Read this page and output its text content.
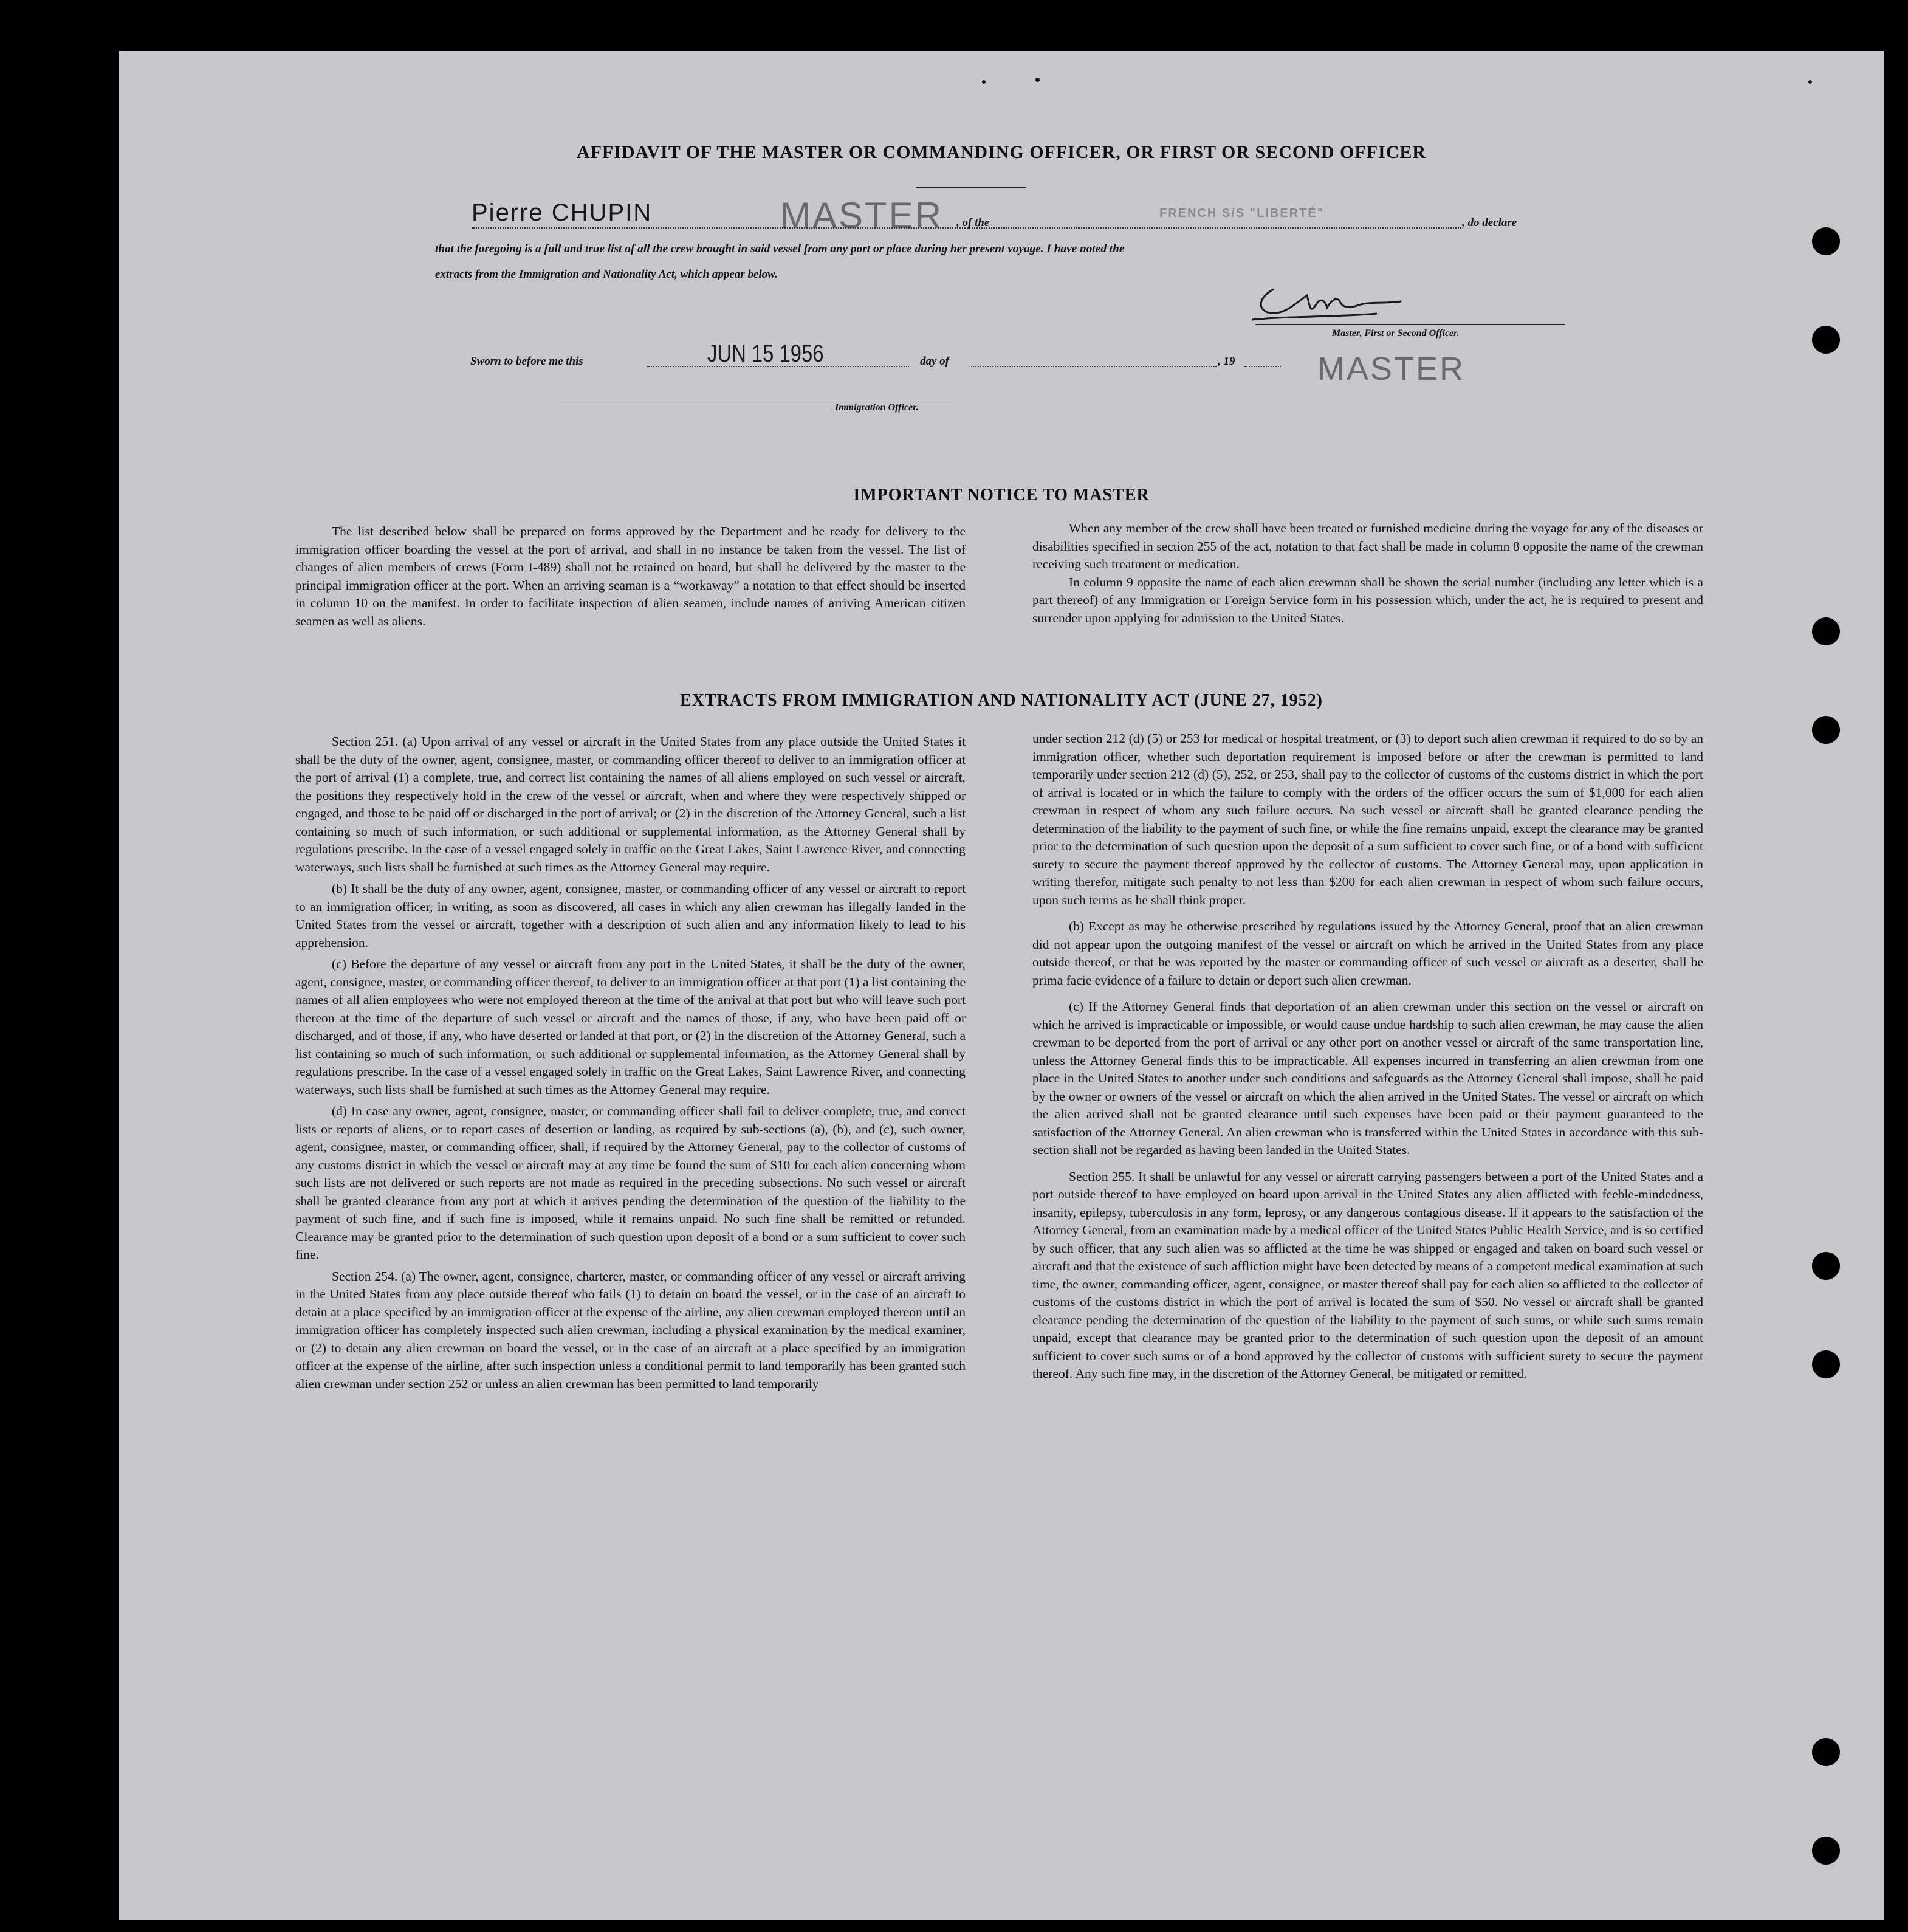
AFFIDAVIT OF THE MASTER OR COMMANDING OFFICER, OR FIRST OR SECOND OFFICER
Pierre CHUPIN	MASTER , of the
FRENCH S/S "LIBERTÉ"
, do declare
that the foregoing is a full and true list of all the crew brought in said vessel from any port or place during her present voyage. I have noted the
extracts from the Immigration and Nationality Act, which appear below.
Master, First or Second Officer.
Sworn to before me this	JUN 15 1956	day of	, 19	MASTER
Immigration Officer.
IMPORTANT NOTICE TO MASTER

The list described below shall be prepared on forms approved by the Department and be ready for delivery to the immigration officer boarding the vessel at the port of arrival, and shall in no instance be taken from the vessel. The list of changes of alien members of crews (Form I-489) shall not be retained on board, but shall be delivered by the master to the principal immigration officer at the port. When an arriving seaman is a “workaway” a notation to that effect should be inserted in column 10 on the manifest. In order to facilitate inspection of alien seamen, include names of arriving American citizen seamen as well as aliens.

When any member of the crew shall have been treated or furnished medicine during the voyage for any of the diseases or disabilities specified in section 255 of the act, notation to that fact shall be made in column 8 opposite the name of the crewman receiving such treatment or medication.

In column 9 opposite the name of each alien crewman shall be shown the serial number (including any letter which is a part thereof) of any Immigration or Foreign Service form in his possession which, under the act, he is required to present and surrender upon applying for admission to the United States.

EXTRACTS FROM IMMIGRATION AND NATIONALITY ACT (JUNE 27, 1952)

Section 251. (a) Upon arrival of any vessel or aircraft in the United States from any place outside the United States it shall be the duty of the owner, agent, consignee, master, or commanding officer thereof to deliver to an immigration officer at the port of arrival (1) a complete, true, and correct list containing the names of all aliens employed on such vessel or aircraft, the positions they respectively hold in the crew of the vessel or aircraft, when and where they were respectively shipped or engaged, and those to be paid off or discharged in the port of arrival; or (2) in the discretion of the Attorney General, such a list containing so much of such information, or such additional or supplemental information, as the Attorney General shall by regulations prescribe. In the case of a vessel engaged solely in traffic on the Great Lakes, Saint Lawrence River, and connecting waterways, such lists shall be furnished at such times as the Attorney General may require.

(b) It shall be the duty of any owner, agent, consignee, master, or commanding officer of any vessel or aircraft to report to an immigration officer, in writing, as soon as discovered, all cases in which any alien crewman has illegally landed in the United States from the vessel or aircraft, together with a description of such alien and any information likely to lead to his apprehension.

(c) Before the departure of any vessel or aircraft from any port in the United States, it shall be the duty of the owner, agent, consignee, master, or commanding officer thereof, to deliver to an immigration officer at that port (1) a list containing the names of all alien employees who were not employed thereon at the time of the arrival at that port but who will leave such port thereon at the time of the departure of such vessel or aircraft and the names of those, if any, who have been paid off or discharged, and of those, if any, who have deserted or landed at that port, or (2) in the discretion of the Attorney General, such a list containing so much of such information, or such additional or supplemental information, as the Attorney General shall by regulations prescribe. In the case of a vessel engaged solely in traffic on the Great Lakes, Saint Lawrence River, and connecting waterways, such lists shall be furnished at such times as the Attorney General may require.

(d) In case any owner, agent, consignee, master, or commanding officer shall fail to deliver complete, true, and correct lists or reports of aliens, or to report cases of desertion or landing, as required by sub-sections (a), (b), and (c), such owner, agent, consignee, master, or commanding officer, shall, if required by the Attorney General, pay to the collector of customs of any customs district in which the vessel or aircraft may at any time be found the sum of $10 for each alien concerning whom such lists are not delivered or such reports are not made as required in the preceding subsections. No such vessel or aircraft shall be granted clearance from any port at which it arrives pending the determination of the question of the liability to the payment of such fine, and if such fine is imposed, while it remains unpaid. No such fine shall be remitted or refunded. Clearance may be granted prior to the determination of such question upon deposit of a bond or a sum sufficient to cover such fine.

Section 254. (a) The owner, agent, consignee, charterer, master, or commanding officer of any vessel or aircraft arriving in the United States from any place outside thereof who fails (1) to detain on board the vessel, or in the case of an aircraft to detain at a place specified by an immigration officer at the expense of the airline, any alien crewman employed thereon until an immigration officer has completely inspected such alien crewman, including a physical examination by the medical examiner, or (2) to detain any alien crewman on board the vessel, or in the case of an aircraft at a place specified by an immigration officer at the expense of the airline, after such inspection unless a conditional permit to land temporarily has been granted such alien crewman under section 252 or unless an alien crewman has been permitted to land temporarily

under section 212 (d) (5) or 253 for medical or hospital treatment, or (3) to deport such alien crewman if required to do so by an immigration officer, whether such deportation requirement is imposed before or after the crewman is permitted to land temporarily under section 212 (d) (5), 252, or 253, shall pay to the collector of customs of the customs district in which the port of arrival is located or in which the failure to comply with the orders of the officer occurs the sum of $1,000 for each alien crewman in respect of whom any such failure occurs. No such vessel or aircraft shall be granted clearance pending the determination of the liability to the payment of such fine, or while the fine remains unpaid, except the clearance may be granted prior to the determination of such question upon the deposit of a sum sufficient to cover such fine, or of a bond with sufficient surety to secure the payment thereof approved by the collector of customs. The Attorney General may, upon application in writing therefor, mitigate such penalty to not less than $200 for each alien crewman in respect of whom such failure occurs, upon such terms as he shall think proper.

(b) Except as may be otherwise prescribed by regulations issued by the Attorney General, proof that an alien crewman did not appear upon the outgoing manifest of the vessel or aircraft on which he arrived in the United States from any place outside thereof, or that he was reported by the master or commanding officer of such vessel or aircraft as a deserter, shall be prima facie evidence of a failure to detain or deport such alien crewman.

(c) If the Attorney General finds that deportation of an alien crewman under this section on the vessel or aircraft on which he arrived is impracticable or impossible, or would cause undue hardship to such alien crewman, he may cause the alien crewman to be deported from the port of arrival or any other port on another vessel or aircraft of the same transportation line, unless the Attorney General finds this to be impracticable. All expenses incurred in transferring an alien crewman from one place in the United States to another under such conditions and safeguards as the Attorney General shall impose, shall be paid by the owner or owners of the vessel or aircraft on which the alien arrived in the United States. The vessel or aircraft on which the alien arrived shall not be granted clearance until such expenses have been paid or their payment guaranteed to the satisfaction of the Attorney General. An alien crewman who is transferred within the United States in accordance with this sub-section shall not be regarded as having been landed in the United States.

Section 255. It shall be unlawful for any vessel or aircraft carrying passengers between a port of the United States and a port outside thereof to have employed on board upon arrival in the United States any alien afflicted with feeble-mindedness, insanity, epilepsy, tuberculosis in any form, leprosy, or any dangerous contagious disease. If it appears to the satisfaction of the Attorney General, from an examination made by a medical officer of the United States Public Health Service, and is so certified by such officer, that any such alien was so afflicted at the time he was shipped or engaged and taken on board such vessel or aircraft and that the existence of such affliction might have been detected by means of a competent medical examination at such time, the owner, commanding officer, agent, consignee, or master thereof shall pay for each alien so afflicted to the collector of customs of the customs district in which the port of arrival is located the sum of $50. No vessel or aircraft shall be granted clearance pending the determination of the question of the liability to the payment of such sums, or while such sums remain unpaid, except that clearance may be granted prior to the determination of such question upon the deposit of an amount sufficient to cover such sums or of a bond approved by the collector of customs with sufficient surety to secure the payment thereof. Any such fine may, in the discretion of the Attorney General, be mitigated or remitted.
